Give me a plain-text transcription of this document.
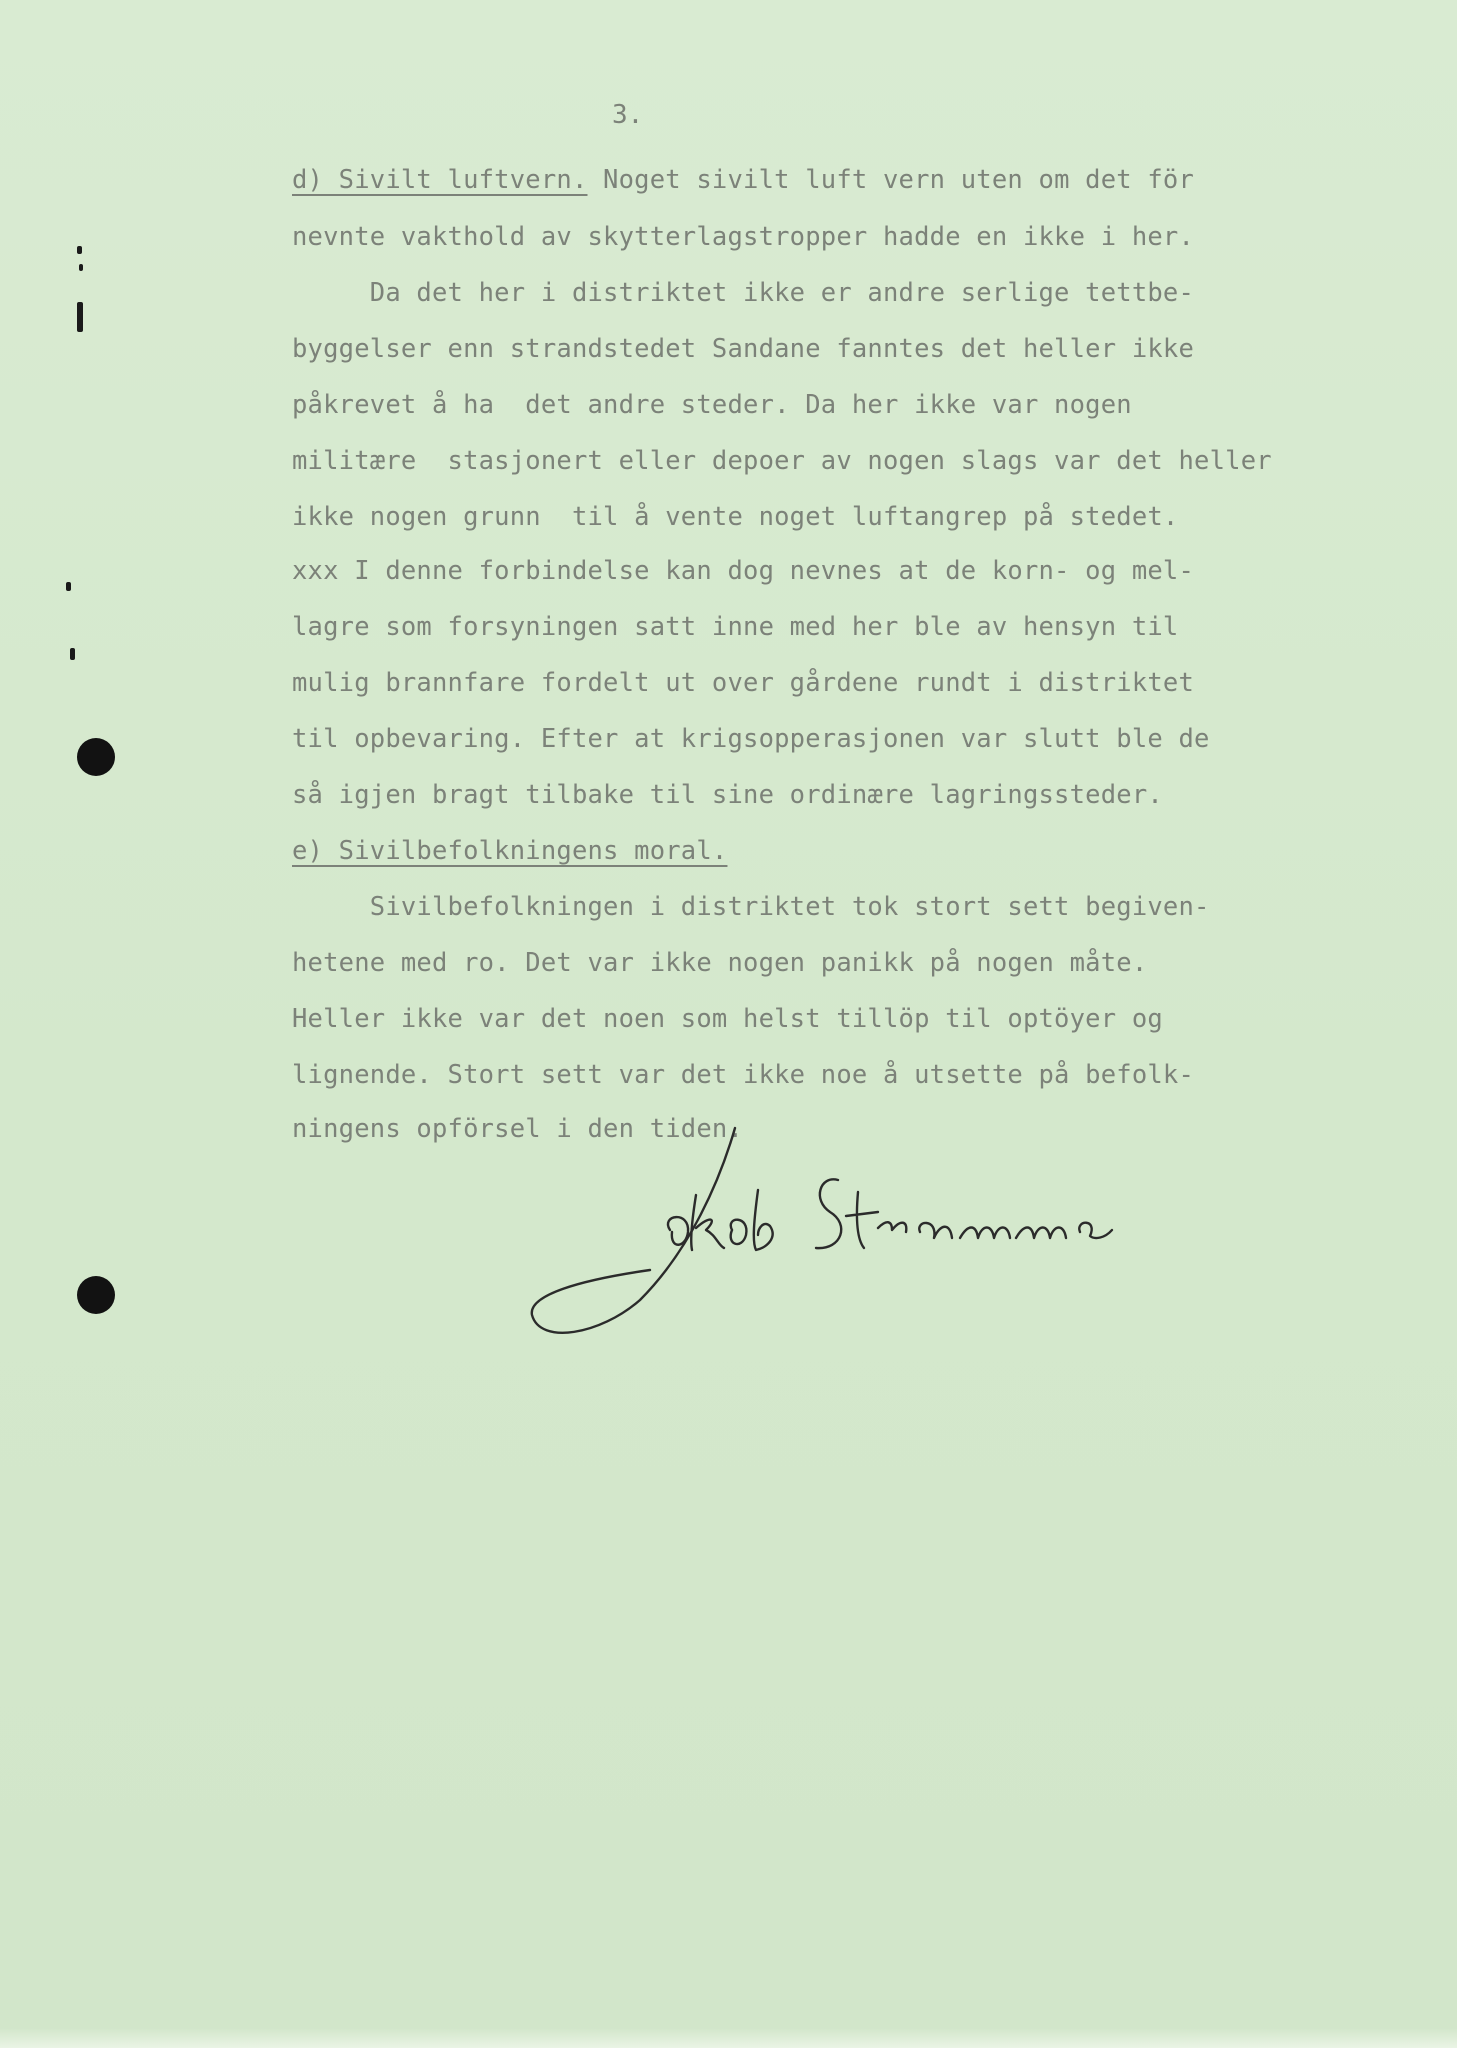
3.
d) Sivilt luftvern. Noget sivilt luft vern uten om det för
nevnte vakthold av skytterlagstropper hadde en ikke i her.
Da det her i distriktet ikke er andre serlige tettbe-
byggelser enn strandstedet Sandane fanntes det heller ikke
påkrevet å ha  det andre steder. Da her ikke var nogen
militære  stasjonert eller depoer av nogen slags var det heller
ikke nogen grunn  til å vente noget luftangrep på stedet.
xxx I denne forbindelse kan dog nevnes at de korn- og mel-
lagre som forsyningen satt inne med her ble av hensyn til
mulig brannfare fordelt ut over gårdene rundt i distriktet
til opbevaring. Efter at krigsopperasjonen var slutt ble de
så igjen bragt tilbake til sine ordinære lagringssteder.
e) Sivilbefolkningens moral.
Sivilbefolkningen i distriktet tok stort sett begiven-
hetene med ro. Det var ikke nogen panikk på nogen måte.
Heller ikke var det noen som helst tillöp til optöyer og
lignende. Stort sett var det ikke noe å utsette på befolk-
ningens opförsel i den tiden.
